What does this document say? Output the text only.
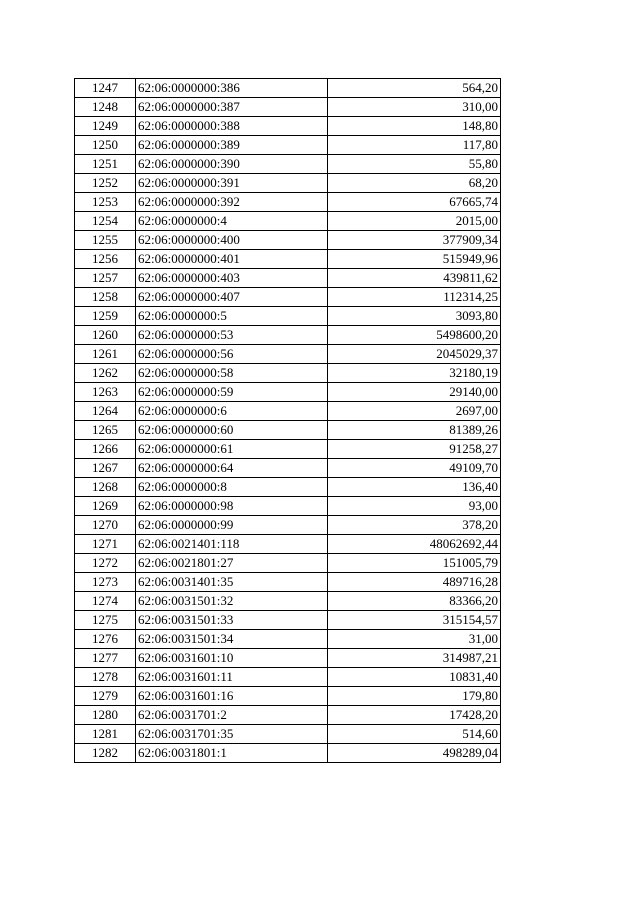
1247	62:06:0000000:386	564,20
1248	62:06:0000000:387	310,00
1249	62:06:0000000:388	148,80
1250	62:06:0000000:389	117,80
1251	62:06:0000000:390	55,80
1252	62:06:0000000:391	68,20
1253	62:06:0000000:392	67665,74
1254	62:06:0000000:4	2015,00
1255	62:06:0000000:400	377909,34
1256	62:06:0000000:401	515949,96
1257	62:06:0000000:403	439811,62
1258	62:06:0000000:407	112314,25
1259	62:06:0000000:5	3093,80
1260	62:06:0000000:53	5498600,20
1261	62:06:0000000:56	2045029,37
1262	62:06:0000000:58	32180,19
1263	62:06:0000000:59	29140,00
1264	62:06:0000000:6	2697,00
1265	62:06:0000000:60	81389,26
1266	62:06:0000000:61	91258,27
1267	62:06:0000000:64	49109,70
1268	62:06:0000000:8	136,40
1269	62:06:0000000:98	93,00
1270	62:06:0000000:99	378,20
1271	62:06:0021401:118	48062692,44
1272	62:06:0021801:27	151005,79
1273	62:06:0031401:35	489716,28
1274	62:06:0031501:32	83366,20
1275	62:06:0031501:33	315154,57
1276	62:06:0031501:34	31,00
1277	62:06:0031601:10	314987,21
1278	62:06:0031601:11	10831,40
1279	62:06:0031601:16	179,80
1280	62:06:0031701:2	17428,20
1281	62:06:0031701:35	514,60
1282	62:06:0031801:1	498289,04
